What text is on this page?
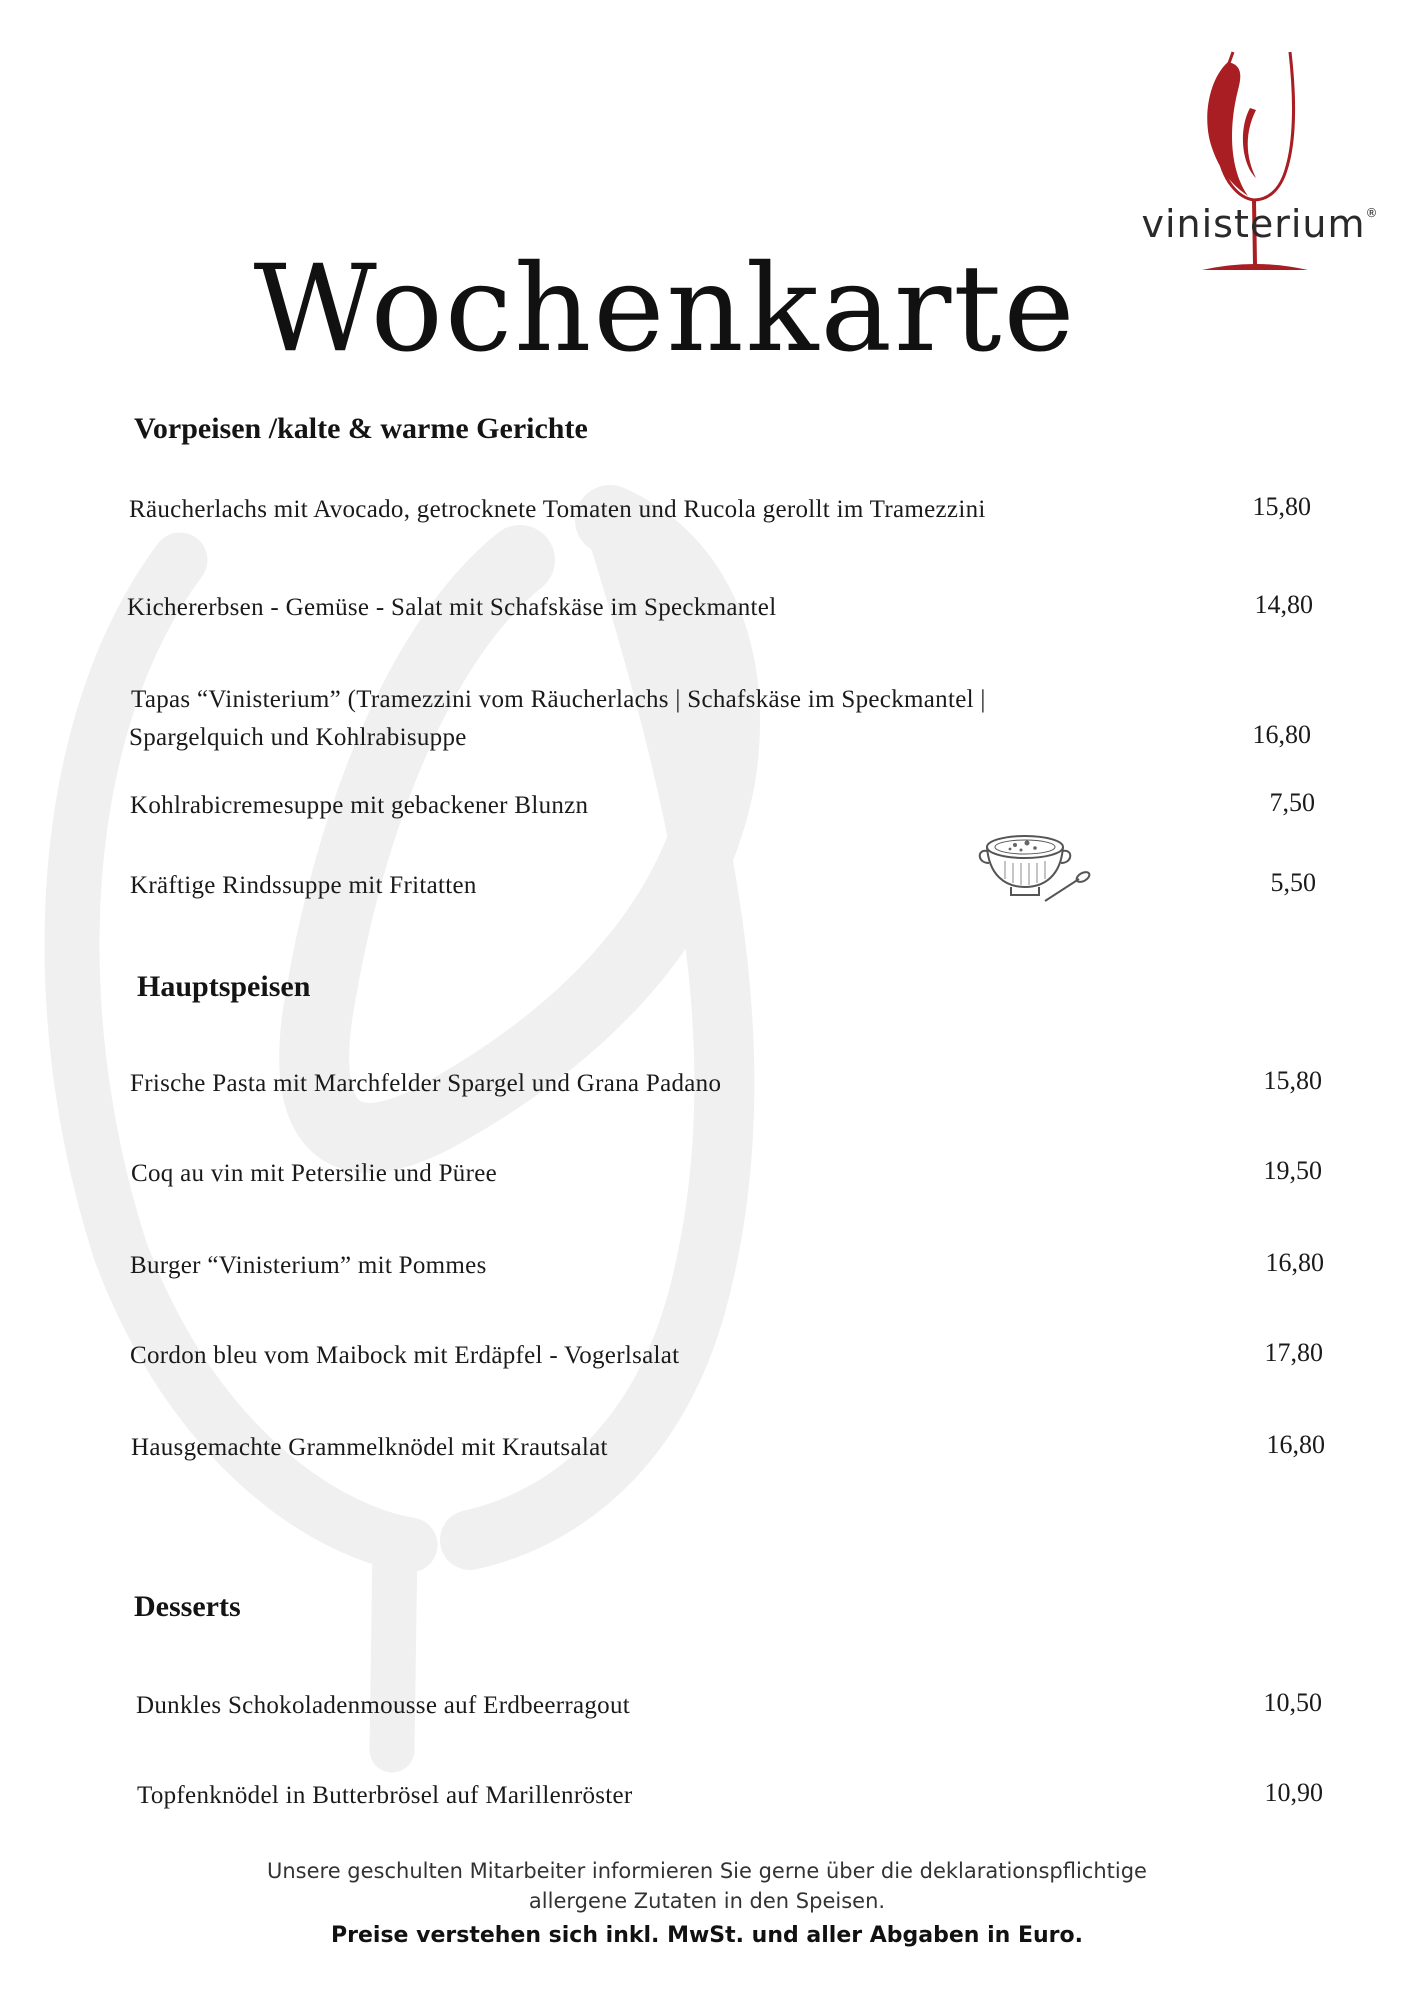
vinisterium®
Wochenkarte
Vorpeisen /kalte & warme Gerichte
Räucherlachs mit Avocado, getrocknete Tomaten und Rucola gerollt im Tramezzini	15,80
Kichererbsen - Gemüse - Salat mit Schafskäse im Speckmantel	14,80
Tapas “Vinisterium” (Tramezzini vom Räucherlachs | Schafskäse im Speckmantel |
Spargelquich und Kohlrabisuppe	16,80
Kohlrabicremesuppe mit gebackener Blunzn	7,50
Kräftige Rindssuppe mit Fritatten	5,50
Hauptspeisen
Frische Pasta mit Marchfelder Spargel und Grana Padano	15,80
Coq au vin mit Petersilie und Püree	19,50
Burger “Vinisterium” mit Pommes	16,80
Cordon bleu vom Maibock mit Erdäpfel - Vogerlsalat	17,80
Hausgemachte Grammelknödel mit Krautsalat	16,80
Desserts
Dunkles Schokoladenmousse auf Erdbeerragout	10,50
Topfenknödel in Butterbrösel auf Marillenröster	10,90
Unsere geschulten Mitarbeiter informieren Sie gerne über die deklarationspflichtige
allergene Zutaten in den Speisen.
Preise verstehen sich inkl. MwSt. und aller Abgaben in Euro.
